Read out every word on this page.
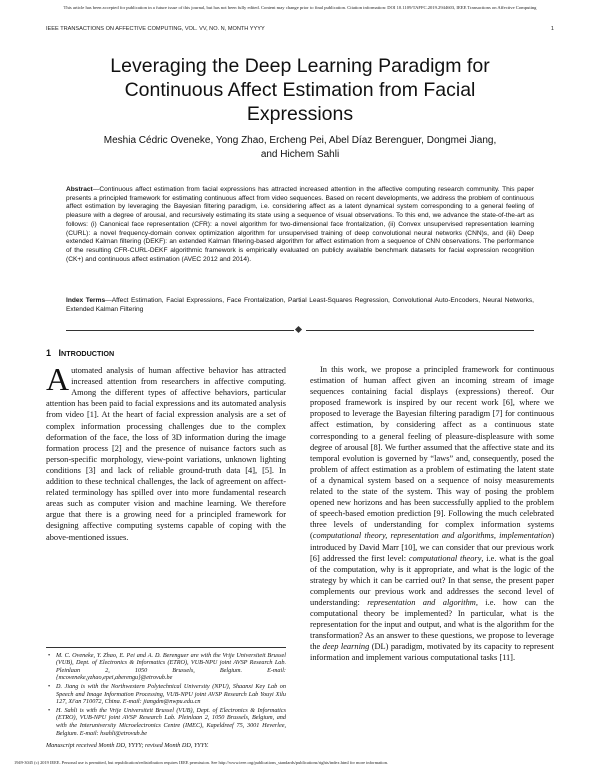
This article has been accepted for publication in a future issue of this journal, but has not been fully edited. Content may change prior to final publication. Citation information: DOI 10.1109/TAFFC.2019.2944603, IEEE Transactions on Affective Computing
IEEE TRANSACTIONS ON AFFECTIVE COMPUTING, VOL. VV, NO. N, MONTH YYYY	1
Leveraging the Deep Learning Paradigm for
Continuous Affect Estimation from Facial
Expressions
Meshia Cédric Oveneke, Yong Zhao, Ercheng Pei, Abel Díaz Berenguer, Dongmei Jiang,
and Hichem Sahli
Abstract—Continuous affect estimation from facial expressions has attracted increased attention in the affective computing research community. This paper presents a principled framework for estimating continuous affect from video sequences. Based on recent developments, we address the problem of continuous affect estimation by leveraging the Bayesian filtering paradigm, i.e. considering affect as a latent dynamical system corresponding to a general feeling of pleasure with a degree of arousal, and recursively estimating its state using a sequence of visual observations. To this end, we advance the state-of-the-art as follows: (i) Canonical face representation (CFR): a novel algorithm for two-dimensional face frontalization, (ii) Convex unsupervised representation learning (CURL): a novel frequency-domain convex optimization algorithm for unsupervised training of deep convolutional neural networks (CNN)s, and (iii) Deep extended Kalman filtering (DEKF): an extended Kalman filtering-based algorithm for affect estimation from a sequence of CNN observations. The performance of the resulting CFR-CURL-DEKF algorithmic framework is empirically evaluated on publicly available benchmark datasets for facial expression recognition (CK+) and continuous affect estimation (AVEC 2012 and 2014).
Index Terms—Affect Estimation, Facial Expressions, Face Frontalization, Partial Least-Squares Regression, Convolutional Auto-Encoders, Neural Networks, Extended Kalman Filtering
1 INTRODUCTION
Automated analysis of human affective behavior has attracted increased attention from researchers in affective computing. Among the different types of affective behaviors, particular attention has been paid to facial expressions and its automated analysis from video [1]. At the heart of facial expression analysis are a set of complex information processing challenges due to the complex deformation of the face, the loss of 3D information during the image formation process [2] and the presence of nuisance factors such as person-specific morphology, view-point variations, unknown lighting conditions [3] and lack of reliable ground-truth data [4], [5]. In addition to these technical challenges, the lack of agreement on affect-related terminology has spilled over into more fundamental research areas such as computer vision and machine learning. We therefore argue that there is a growing need for a principled framework for designing affective computing systems capable of coping with the above-mentioned issues.
In this work, we propose a principled framework for continuous estimation of human affect given an incoming stream of image sequences containing facial displays (expressions) thereof. Our proposed framework is inspired by our recent work [6], where we proposed to leverage the Bayesian filtering paradigm [7] for continuous affect estimation, by considering affect as a continuous state corresponding to a general feeling of pleasure-displeasure with some degree of arousal [8]. We further assumed that the affective state and its temporal evolution is governed by “laws” and, consequently, posed the problem of affect estimation as a problem of estimating the latent state of a dynamical system based on a sequence of noisy measurements related to the state of the system. This way of posing the problem opened new horizons and has been successfully applied to the problem of speech-based emotion prediction [9]. Following the much celebrated three levels of understanding for complex information systems (computational theory, representation and algorithms, implementation) introduced by David Marr [10], we can consider that our previous work [6] addressed the first level: computational theory, i.e. what is the goal of the computation, why is it appropriate, and what is the logic of the strategy by which it can be carried out? In that sense, the present paper complements our previous work and addresses the second level of understanding: representation and algorithm, i.e. how can the computational theory be implemented? In particular, what is the representation for the input and output, and what is the algorithm for the transformation? As an answer to these questions, we propose to leverage the deep learning (DL) paradigm, motivated by its capacity to represent information and implement various computational tasks [11].
• M. C. Oveneke, Y. Zhao, E. Pei and A. D. Berenguer are with the Vrije Universiteit Brussel (VUB), Dept. of Electronics & Informatics (ETRO), VUB-NPU joint AVSP Research Lab. Pleinlaan 2, 1050 Brussels, Belgium. E-mail: {mcoveneke,yzhao,epei,aberengu}@etrovub.be
• D. Jiang is with the Northwestern Polytechnical University (NPU), Shaanxi Key Lab on Speech and Image Information Processing, VUB-NPU joint AVSP Research Lab Youyi Xilu 127, Xi'an 710072, China. E-mail: jiangdm@nwpu.edu.cn
• H. Sahli is with the Vrije Universiteit Brussel (VUB), Dept. of Electronics & Informatics (ETRO), VUB-NPU joint AVSP Research Lab. Pleinlaan 2, 1050 Brussels, Belgium, and with the Interuniversity Microelectronics Centre (IMEC), Kapeldreef 75, 3001 Heverlee, Belgium. E-mail: hsahli@etrovub.be
Manuscript received Month DD, YYYY; revised Month DD, YYYY.
1949-3045 (c) 2019 IEEE. Personal use is permitted, but republication/redistribution requires IEEE permission. See http://www.ieee.org/publications_standards/publications/rights/index.html for more information.
